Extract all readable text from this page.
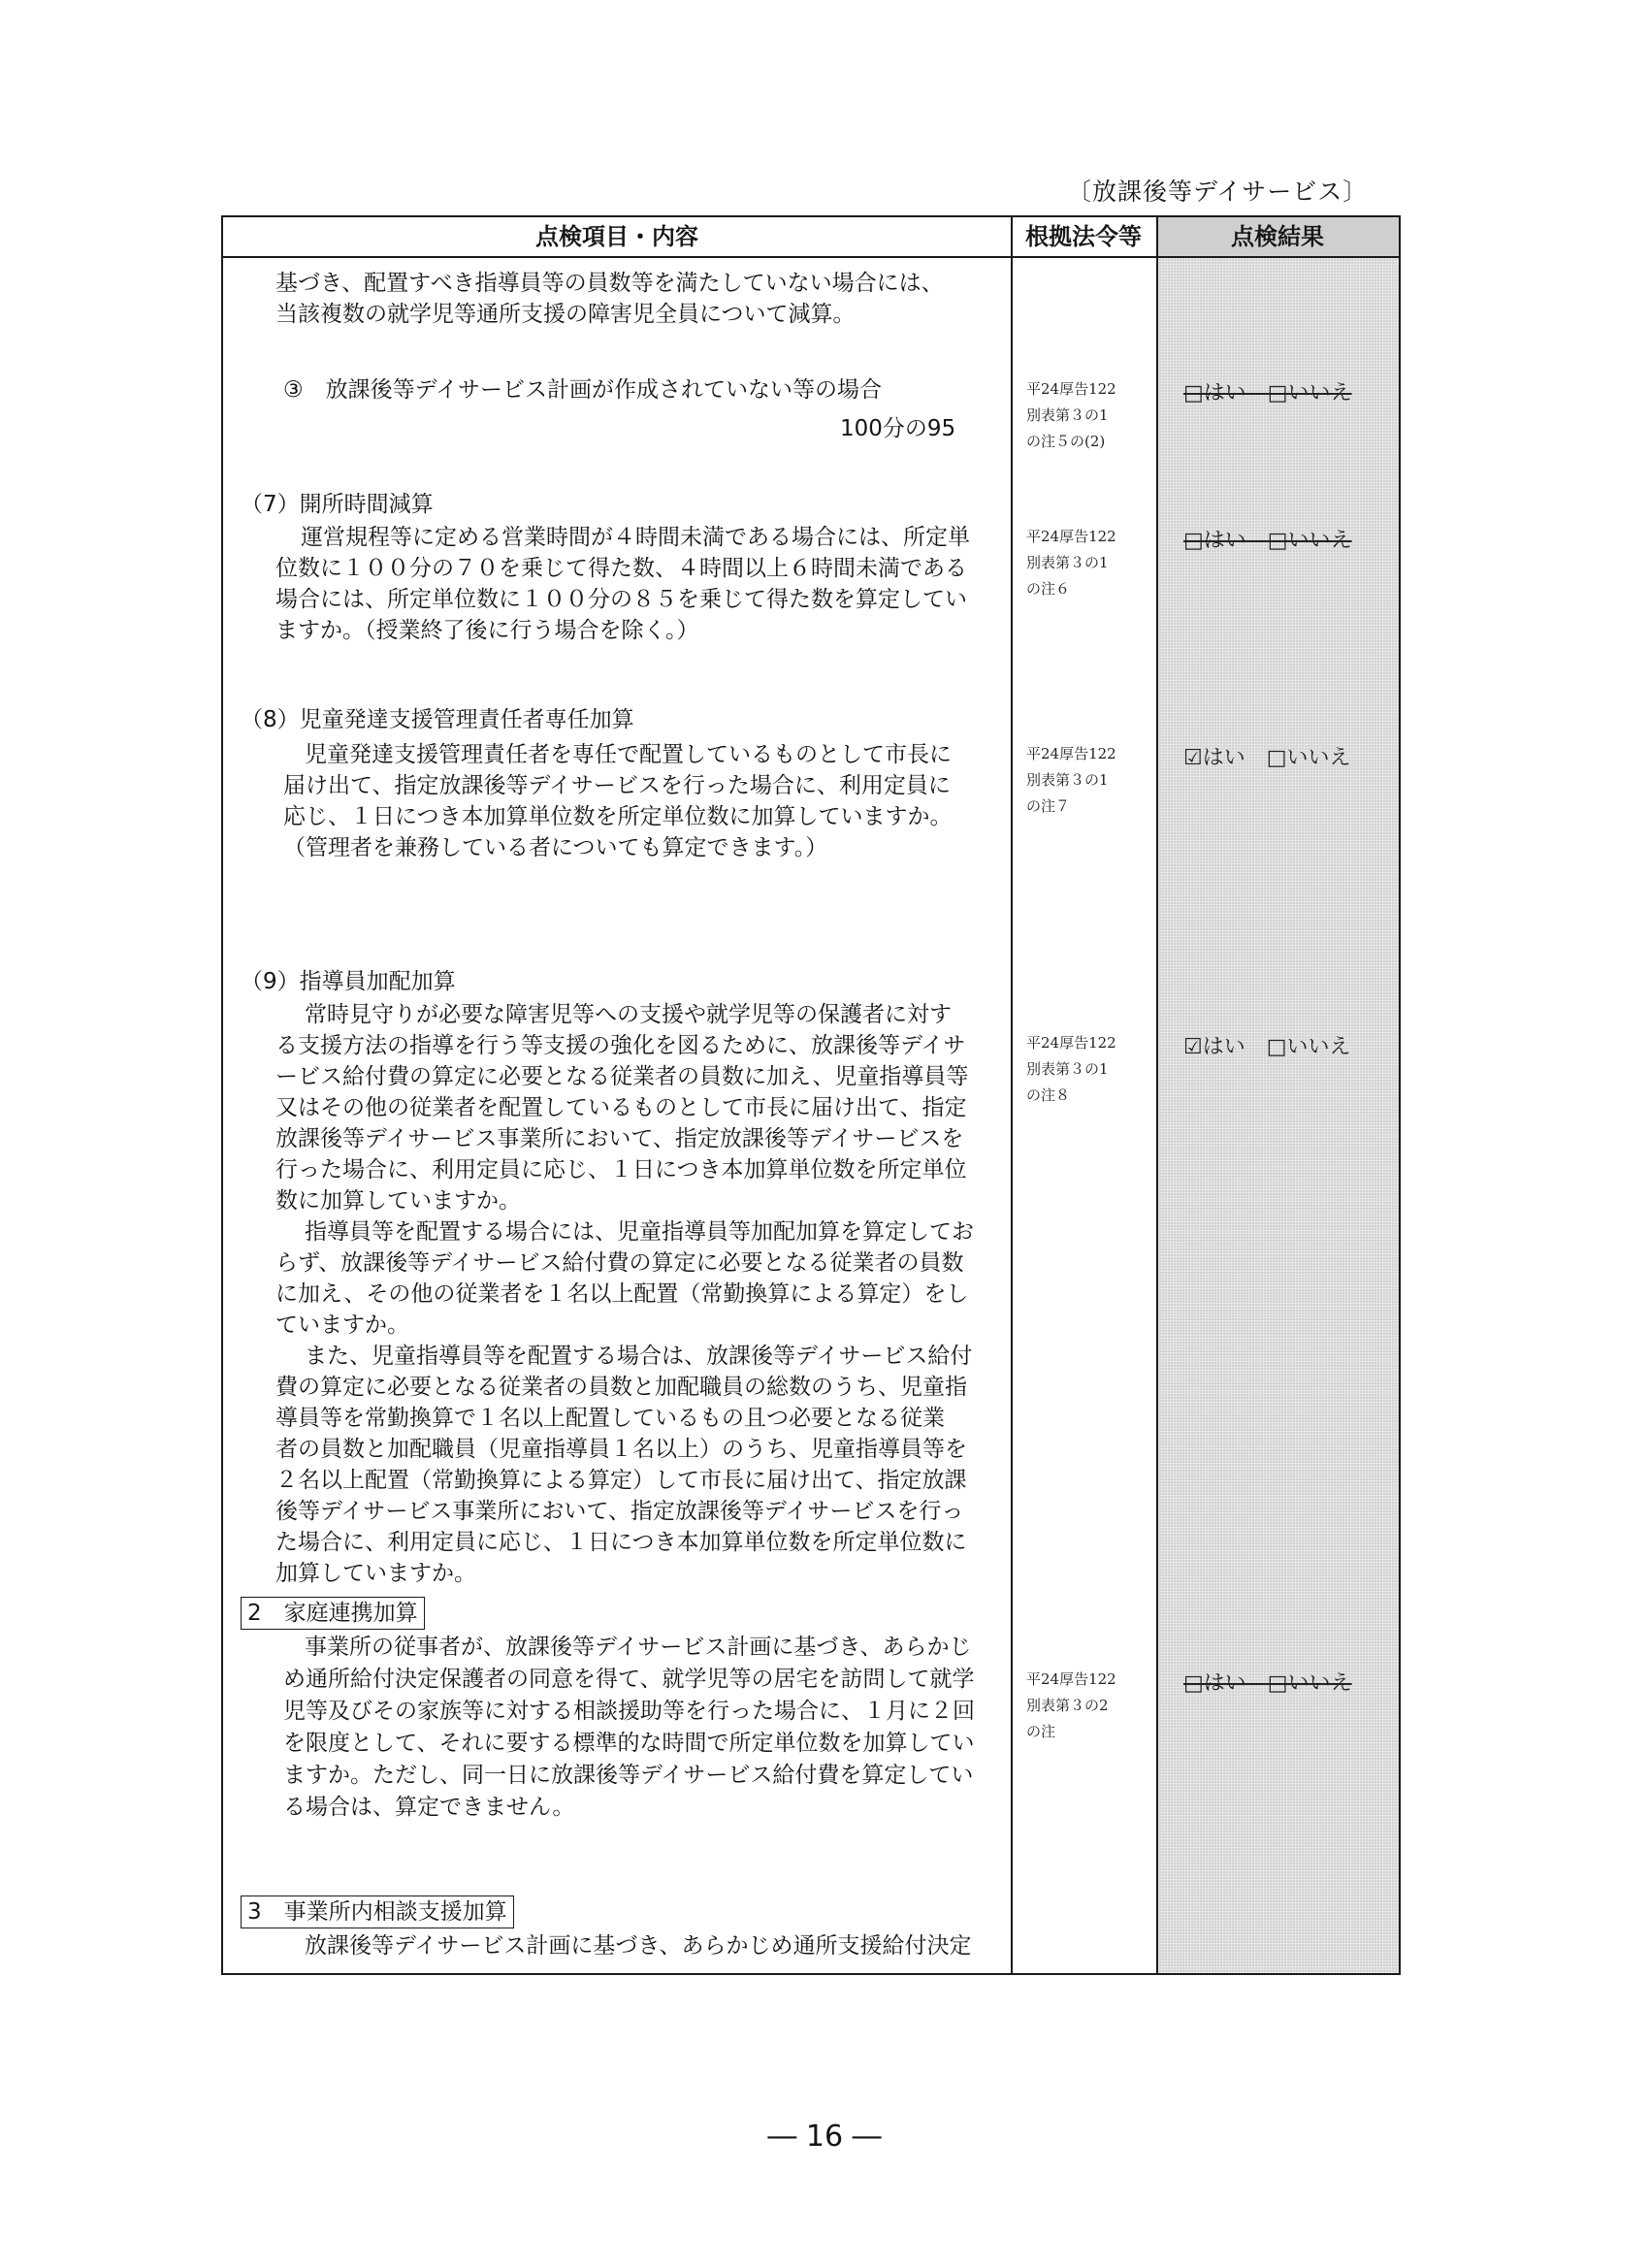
〔放課後等デイサービス〕
点検項目・内容	根拠法令等	点検結果
基づき、配置すべき指導員等の員数等を満たしていない場合には、
当該複数の就学児等通所支援の障害児全員について減算。
③　放課後等デイサービス計画が作成されていない等の場合
100分の95
平24厚告122
別表第３の1
の注５の(2)
□はい　□いいえ
（7）開所時間減算
運営規程等に定める営業時間が４時間未満である場合には、所定単
位数に１００分の７０を乗じて得た数、４時間以上６時間未満である
場合には、所定単位数に１００分の８５を乗じて得た数を算定してい
ますか。（授業終了後に行う場合を除く。）
平24厚告122
別表第３の1
の注６
□はい　□いいえ
（8）児童発達支援管理責任者専任加算
児童発達支援管理責任者を専任で配置しているものとして市長に
届け出て、指定放課後等デイサービスを行った場合に、利用定員に
応じ、１日につき本加算単位数を所定単位数に加算していますか。
（管理者を兼務している者についても算定できます。）
平24厚告122
別表第３の1
の注７
☑はい　□いいえ
（9）指導員加配加算
常時見守りが必要な障害児等への支援や就学児等の保護者に対す
る支援方法の指導を行う等支援の強化を図るために、放課後等デイサ
ービス給付費の算定に必要となる従業者の員数に加え、児童指導員等
又はその他の従業者を配置しているものとして市長に届け出て、指定
放課後等デイサービス事業所において、指定放課後等デイサービスを
行った場合に、利用定員に応じ、１日につき本加算単位数を所定単位
数に加算していますか。
指導員等を配置する場合には、児童指導員等加配加算を算定してお
らず、放課後等デイサービス給付費の算定に必要となる従業者の員数
に加え、その他の従業者を１名以上配置（常勤換算による算定）をし
ていますか。
また、児童指導員等を配置する場合は、放課後等デイサービス給付
費の算定に必要となる従業者の員数と加配職員の総数のうち、児童指
導員等を常勤換算で１名以上配置しているもの且つ必要となる従業
者の員数と加配職員（児童指導員１名以上）のうち、児童指導員等を
２名以上配置（常勤換算による算定）して市長に届け出て、指定放課
後等デイサービス事業所において、指定放課後等デイサービスを行っ
た場合に、利用定員に応じ、１日につき本加算単位数を所定単位数に
加算していますか。
平24厚告122
別表第３の1
の注８
☑はい　□いいえ
2　 家庭連携加算
事業所の従事者が、放課後等デイサービス計画に基づき、あらかじ
め通所給付決定保護者の同意を得て、就学児等の居宅を訪問して就学
児等及びその家族等に対する相談援助等を行った場合に、１月に２回
を限度として、それに要する標準的な時間で所定単位数を加算してい
ますか。ただし、同一日に放課後等デイサービス給付費を算定してい
る場合は、算定できません。
平24厚告122
別表第３の2
の注
□はい　□いいえ
3　 事業所内相談支援加算
放課後等デイサービス計画に基づき、あらかじめ通所支援給付決定
― 16 ―
